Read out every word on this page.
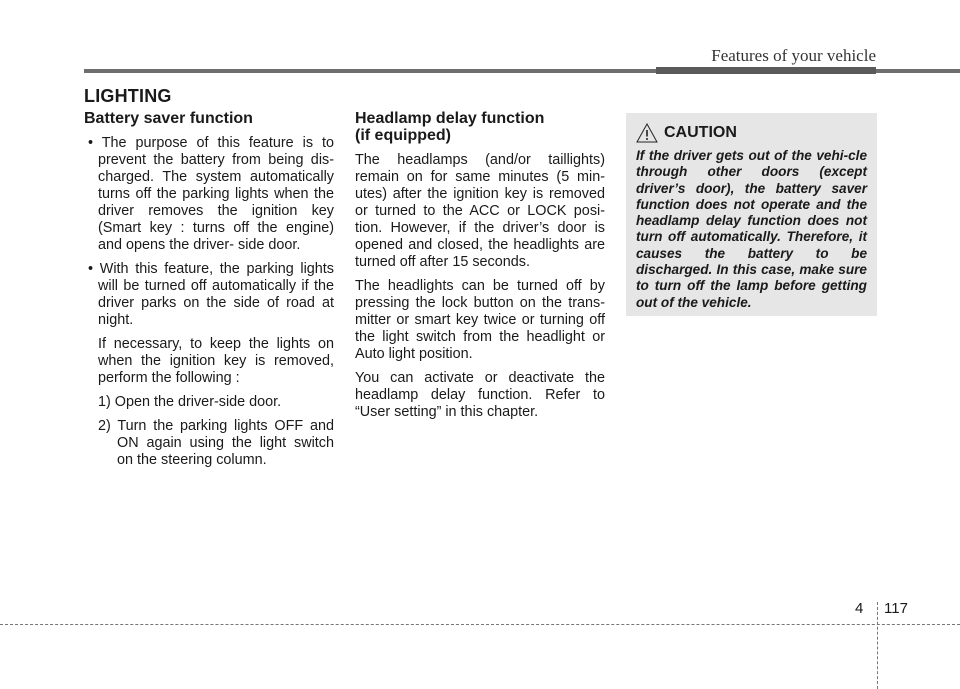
Features of your vehicle
LIGHTING
Battery saver function

• The purpose of this feature is to prevent the battery from being dis-charged. The system automatically turns off the parking lights when the driver removes the ignition key (Smart key : turns off the engine) and opens the driver- side door.

• With this feature, the parking lights will be turned off automatically if the driver parks on the side of road at night.

If necessary, to keep the lights on when the ignition key is removed, perform the following :

1) Open the driver-side door.

2) Turn the parking lights OFF and ON again using the light switch on the steering column.

Headlamp delay function
(if equipped)

The headlamps (and/or taillights) remain on for same minutes (5 min-utes) after the ignition key is removed or turned to the ACC or LOCK posi-tion. However, if the driver’s door is opened and closed, the headlights are turned off after 15 seconds.

The headlights can be turned off by pressing the lock button on the trans-mitter or smart key twice or turning off the light switch from the headlight or Auto light position.

You can activate or deactivate the headlamp delay function. Refer to “User setting” in this chapter.

CAUTION

If the driver gets out of the vehi-cle through other doors (except driver’s door), the battery saver function does not operate and the headlamp delay function does not turn off automatically. Therefore, it causes the battery to be discharged. In this case, make sure to turn off the lamp before getting out of the vehicle.

4 117
